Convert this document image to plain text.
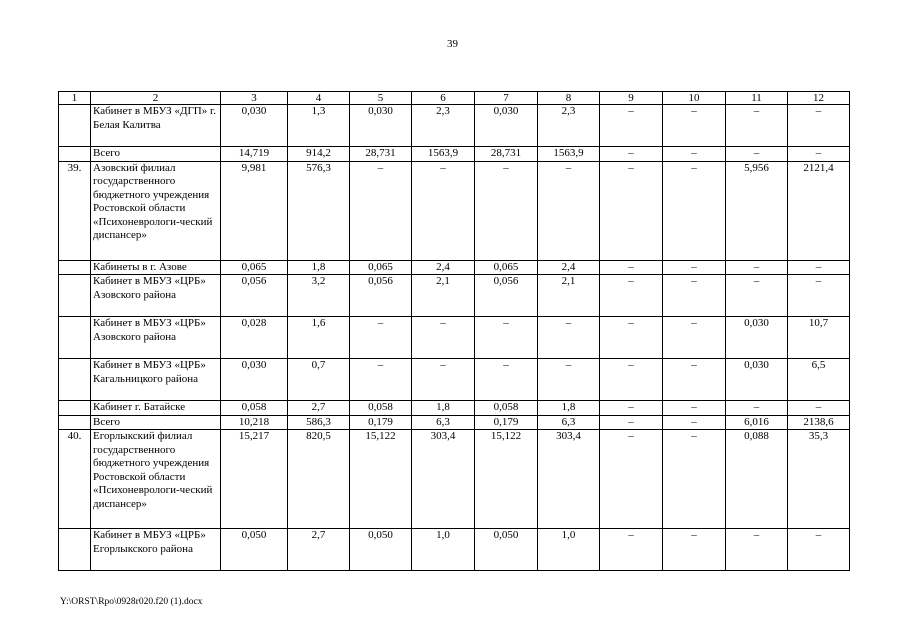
39
1	2	3	4	5	6	7	8	9	10	11	12
	Кабинет в МБУЗ «ДГП» г. Белая Калитва	0,030	1,3	0,030	2,3	0,030	2,3	–	–	–	–
	Всего	14,719	914,2	28,731	1563,9	28,731	1563,9	–	–	–	–
39.	Азовский филиал государственного бюджетного учреждения Ростовской области «Психоневрологи-ческий диспансер»	9,981	576,3	–	–	–	–	–	–	5,956	2121,4
	Кабинеты в г. Азове	0,065	1,8	0,065	2,4	0,065	2,4	–	–	–	–
	Кабинет в МБУЗ «ЦРБ» Азовского района	0,056	3,2	0,056	2,1	0,056	2,1	–	–	–	–
	Кабинет в МБУЗ «ЦРБ» Азовского района	0,028	1,6	–	–	–	–	–	–	0,030	10,7
	Кабинет в МБУЗ «ЦРБ» Кагальницкого района	0,030	0,7	–	–	–	–	–	–	0,030	6,5
	Кабинет г. Батайске	0,058	2,7	0,058	1,8	0,058	1,8	–	–	–	–
	Всего	10,218	586,3	0,179	6,3	0,179	6,3	–	–	6,016	2138,6
40.	Егорлыкский филиал государственного бюджетного учреждения Ростовской области «Психоневрологи-ческий диспансер»	15,217	820,5	15,122	303,4	15,122	303,4	–	–	0,088	35,3
	Кабинет в МБУЗ «ЦРБ» Егорлыкского района	0,050	2,7	0,050	1,0	0,050	1,0	–	–	–	–
Y:\ORST\Rpo\0928r020.f20 (1).docx
